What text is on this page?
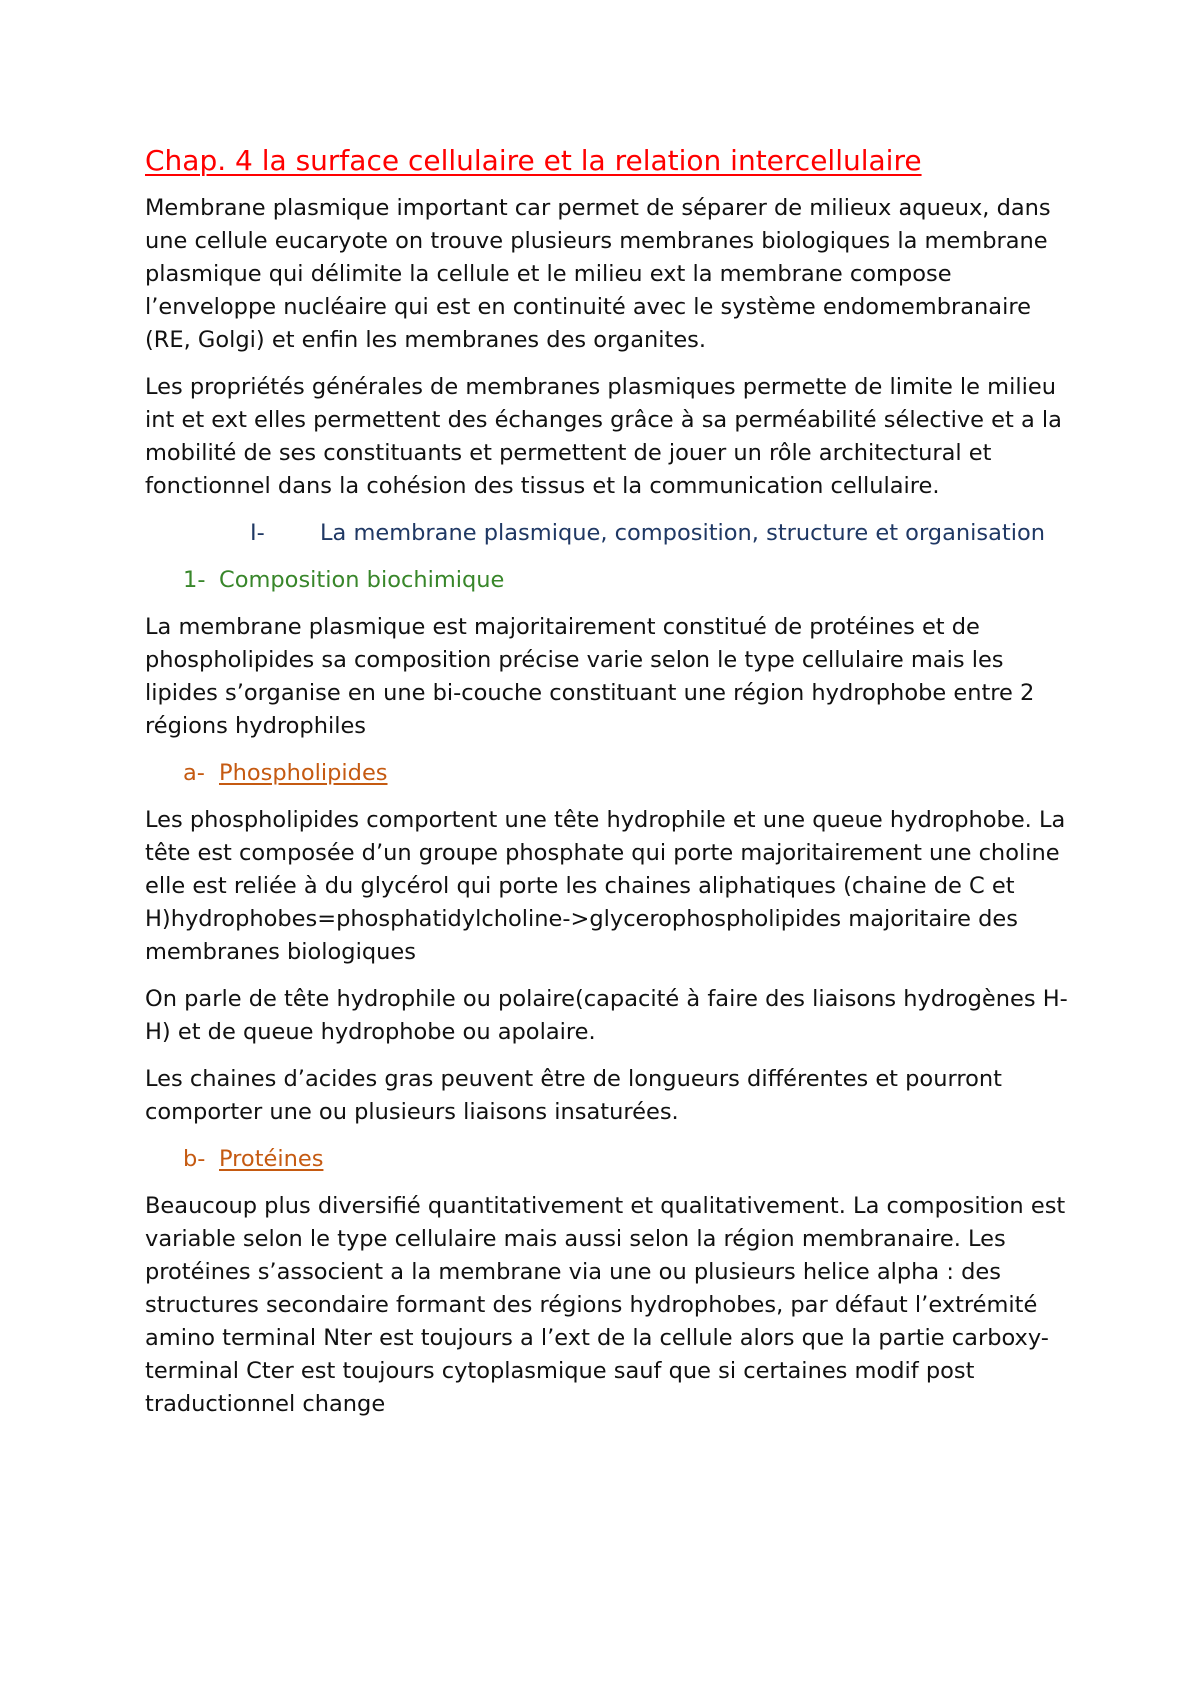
Chap. 4 la surface cellulaire et la relation intercellulaire

Membrane plasmique important car permet de séparer de milieux aqueux, dans une cellule eucaryote on trouve plusieurs membranes biologiques la membrane plasmique qui délimite la cellule et le milieu ext la membrane compose l’enveloppe nucléaire qui est en continuité avec le système endomembranaire (RE, Golgi) et enfin les membranes des organites.

Les propriétés générales de membranes plasmiques permette de limite le milieu int et ext elles permettent des échanges grâce à sa perméabilité sélective et a la mobilité de ses constituants et permettent de jouer un rôle architectural et fonctionnel dans la cohésion des tissus et la communication cellulaire.

I-	La membrane plasmique, composition, structure et organisation
1- Composition biochimique

La membrane plasmique est majoritairement constitué de protéines et de phospholipides sa composition précise varie selon le type cellulaire mais les lipides s’organise en une bi-couche constituant une région hydrophobe entre 2 régions hydrophiles

a- Phospholipides

Les phospholipides comportent une tête hydrophile et une queue hydrophobe. La tête est composée d’un groupe phosphate qui porte majoritairement une choline elle est reliée à du glycérol qui porte les chaines aliphatiques (chaine de C et H)hydrophobes=phosphatidylcholine->glycerophospholipides majoritaire des membranes biologiques

On parle de tête hydrophile ou polaire(capacité à faire des liaisons hydrogènes H-H) et de queue hydrophobe ou apolaire.

Les chaines d’acides gras peuvent être de longueurs différentes et pourront comporter une ou plusieurs liaisons insaturées.

b- Protéines

Beaucoup plus diversifié quantitativement et qualitativement. La composition est variable selon le type cellulaire mais aussi selon la région membranaire. Les protéines s’associent a la membrane via une ou plusieurs helice alpha : des structures secondaire formant des régions hydrophobes, par défaut l’extrémité amino terminal Nter est toujours a l’ext de la cellule alors que la partie carboxy-terminal Cter est toujours cytoplasmique sauf que si certaines modif post traductionnel change
